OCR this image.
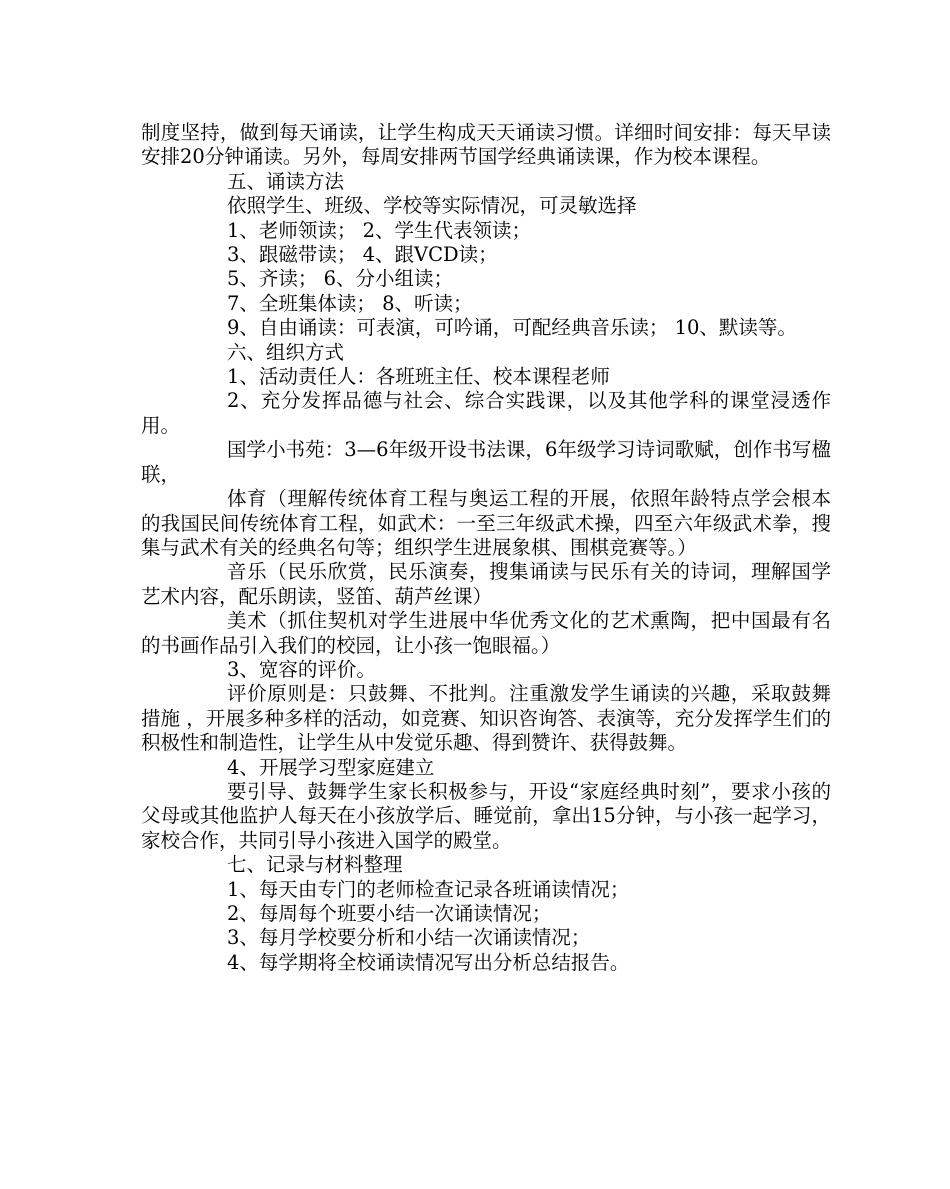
制度坚持，做到每天诵读，让学生构成天天诵读习惯。详细时间安排：每天早读安排20分钟诵读。另外，每周安排两节国学经典诵读课，作为校本课程。

五、诵读方法

依照学生、班级、学校等实际情况，可灵敏选择

1、老师领读； 2、学生代表领读；

3、跟磁带读； 4、跟VCD读；

5、齐读； 6、分小组读；

7、全班集体读； 8、听读；

9、自由诵读：可表演，可吟诵，可配经典音乐读； 10、默读等。

六、组织方式

1、活动责任人：各班班主任、校本课程老师

2、充分发挥品德与社会、综合实践课，以及其他学科的课堂浸透作用。

国学小书苑：3—6年级开设书法课，6年级学习诗词歌赋，创作书写楹联，

体育（理解传统体育工程与奥运工程的开展，依照年龄特点学会根本的我国民间传统体育工程，如武术：一至三年级武术操，四至六年级武术拳，搜集与武术有关的经典名句等；组织学生进展象棋、围棋竞赛等。）

音乐（民乐欣赏，民乐演奏，搜集诵读与民乐有关的诗词，理解国学艺术内容，配乐朗读，竖笛、葫芦丝课）

美术（抓住契机对学生进展中华优秀文化的艺术熏陶，把中国最有名的书画作品引入我们的校园，让小孩一饱眼福。）

3、宽容的评价。

评价原则是：只鼓舞、不批判。注重激发学生诵读的兴趣，采取鼓舞措施 ，开展多种多样的活动，如竞赛、知识咨询答、表演等，充分发挥学生们的积极性和制造性，让学生从中发觉乐趣、得到赞许、获得鼓舞。

4、开展学习型家庭建立

要引导、鼓舞学生家长积极参与，开设“家庭经典时刻”，要求小孩的父母或其他监护人每天在小孩放学后、睡觉前，拿出15分钟，与小孩一起学习，家校合作，共同引导小孩进入国学的殿堂。

七、记录与材料整理

1、每天由专门的老师检查记录各班诵读情况；

2、每周每个班要小结一次诵读情况；

3、每月学校要分析和小结一次诵读情况；

4、每学期将全校诵读情况写出分析总结报告。
